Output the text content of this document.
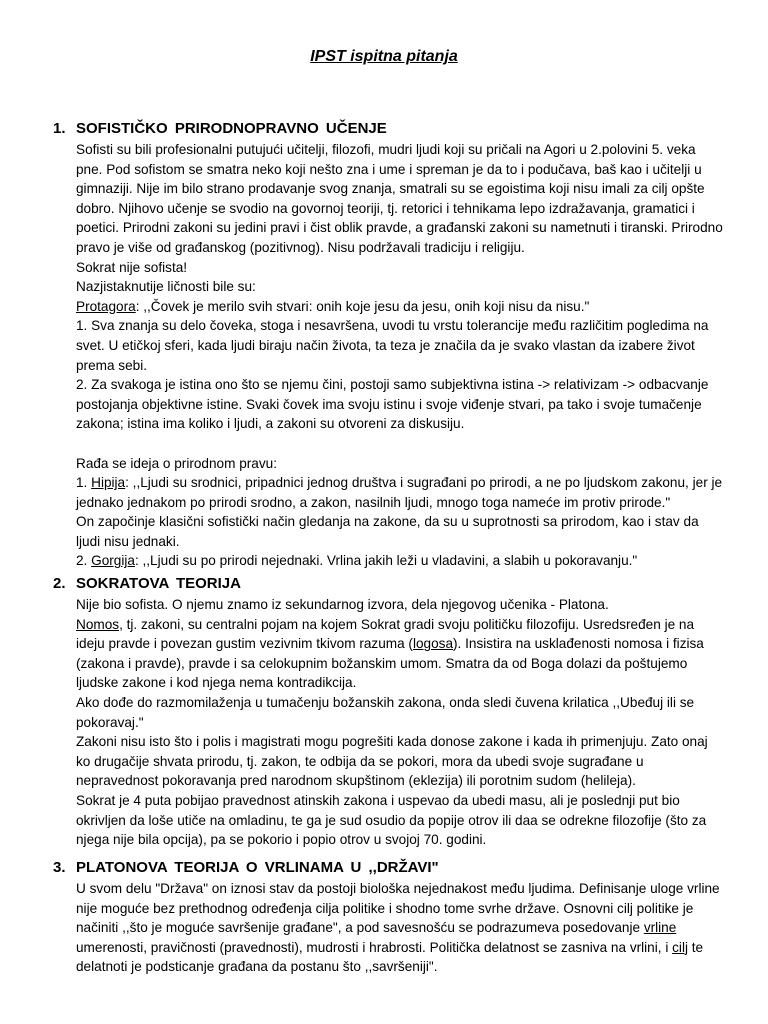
IPST ispitna pitanja
1. SOFISTIČKO PRIRODNOPRAVNO UČENJE

Sofisti su bili profesionalni putujući učitelji, filozofi, mudri ljudi koji su pričali na Agori u 2.polovini 5. veka pne. Pod sofistom se smatra neko koji nešto zna i ume i spreman je da to i podučava, baš kao i učitelji u gimnaziji. Nije im bilo strano prodavanje svog znanja, smatrali su se egoistima koji nisu imali za cilj opšte dobro. Njihovo učenje se svodio na govornoj teoriji, tj. retorici i tehnikama lepo izdražavanja, gramatici i poetici. Prirodni zakoni su jedini pravi i čist oblik pravde, a građanski zakoni su nametnuti i tiranski. Prirodno pravo je više od građanskog (pozitivnog). Nisu podržavali tradiciju i religiju.

Sokrat nije sofista!

Nazjistaknutije ličnosti bile su:

Protagora: ,,Čovek je merilo svih stvari: onih koje jesu da jesu, onih koji nisu da nisu."

1. Sva znanja su delo čoveka, stoga i nesavršena, uvodi tu vrstu tolerancije među različitim pogledima na svet. U etičkoj sferi, kada ljudi biraju način života, ta teza je značila da je svako vlastan da izabere život prema sebi.

2. Za svakoga je istina ono što se njemu čini, postoji samo subjektivna istina -> relativizam -> odbacvanje postojanja objektivne istine. Svaki čovek ima svoju istinu i svoje viđenje stvari, pa tako i svoje tumačenje zakona; istina ima koliko i ljudi, a zakoni su otvoreni za diskusiju.

Rađa se ideja o prirodnom pravu:

1. Hipija: ,,Ljudi su srodnici, pripadnici jednog društva i sugrađani po prirodi, a ne po ljudskom zakonu, jer je jednako jednakom po prirodi srodno, a zakon, nasilnih ljudi, mnogo toga nameće im protiv prirode."

On započinje klasični sofistički način gledanja na zakone, da su u suprotnosti sa prirodom, kao i stav da ljudi nisu jednaki.

2. Gorgija: ,,Ljudi su po prirodi nejednaki. Vrlina jakih leži u vladavini, a slabih u pokoravanju."

2. SOKRATOVA TEORIJA

Nije bio sofista. O njemu znamo iz sekundarnog izvora, dela njegovog učenika - Platona.

Nomos, tj. zakoni, su centralni pojam na kojem Sokrat gradi svoju političku filozofiju. Usredsređen je na ideju pravde i povezan gustim vezivnim tkivom razuma (logosa). Insistira na usklađenosti nomosa i fizisa (zakona i pravde), pravde i sa celokupnim božanskim umom. Smatra da od Boga dolazi da poštujemo ljudske zakone i kod njega nema kontradikcija.

Ako dođe do razmomilaženja u tumačenju božanskih zakona, onda sledi čuvena krilatica ,,Ubeđuj ili se pokoravaj."

Zakoni nisu isto što i polis i magistrati mogu pogrešiti kada donose zakone i kada ih primenjuju. Zato onaj ko drugačije shvata prirodu, tj. zakon, te odbija da se pokori, mora da ubedi svoje sugrađane u nepravednost pokoravanja pred narodnom skupštinom (eklezija) ili porotnim sudom (helileja).

Sokrat je 4 puta pobijao pravednost atinskih zakona i uspevao da ubedi masu, ali je poslednji put bio okrivljen da loše utiče na omladinu, te ga je sud osudio da popije otrov ili daa se odrekne filozofije (što za njega nije bila opcija), pa se pokorio i popio otrov u svojoj 70. godini.

3. PLATONOVA TEORIJA O VRLINAMA U ,,DRŽAVI"

U svom delu "Država" on iznosi stav da postoji biološka nejednakost među ljudima. Definisanje uloge vrline nije moguće bez prethodnog određenja cilja politike i shodno tome svrhe države. Osnovni cilj politike je načiniti ,,što je moguće savršenije građane", a pod savesnošću se podrazumeva posedovanje vrline umerenosti, pravičnosti (pravednosti), mudrosti i hrabrosti. Politička delatnost se zasniva na vrlini, i cilj te delatnoti je podsticanje građana da postanu što ,,savršeniji".
